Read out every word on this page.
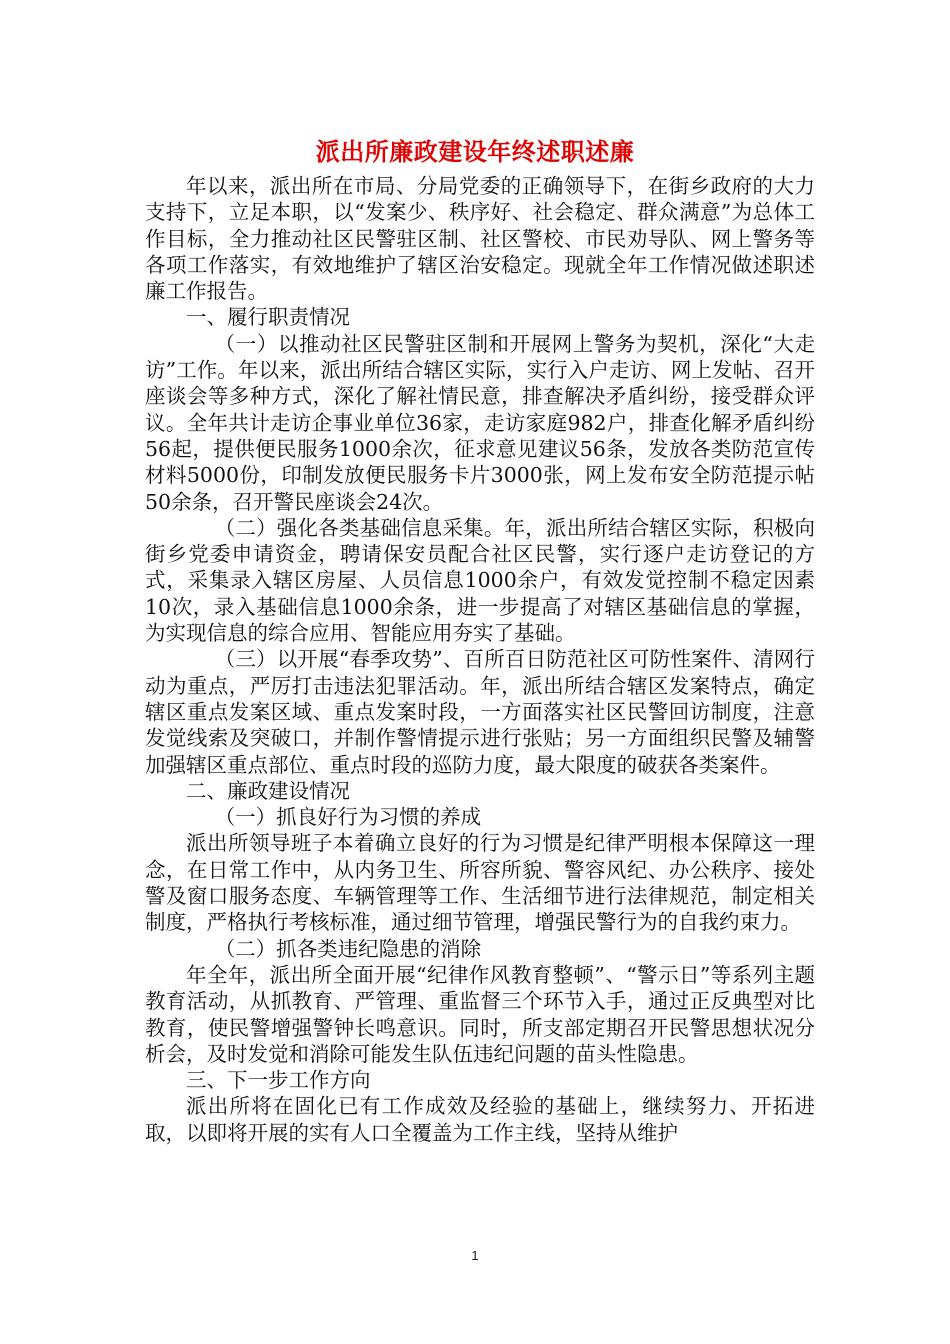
派出所廉政建设年终述职述廉

年以来，派出所在市局、分局党委的正确领导下，在街乡政府的大力支持下，立足本职，以“发案少、秩序好、社会稳定、群众满意”为总体工作目标，全力推动社区民警驻区制、社区警校、市民劝导队、网上警务等各项工作落实，有效地维护了辖区治安稳定。现就全年工作情况做述职述廉工作报告。

一、履行职责情况

（一）以推动社区民警驻区制和开展网上警务为契机，深化“大走访”工作。年以来，派出所结合辖区实际，实行入户走访、网上发帖、召开座谈会等多种方式，深化了解社情民意，排查解决矛盾纠纷，接受群众评议。全年共计走访企事业单位36家，走访家庭982户，排查化解矛盾纠纷56起，提供便民服务1000余次，征求意见建议56条，发放各类防范宣传材料5000份，印制发放便民服务卡片3000张，网上发布安全防范提示帖50余条，召开警民座谈会24次。

（二）强化各类基础信息采集。年，派出所结合辖区实际，积极向街乡党委申请资金，聘请保安员配合社区民警，实行逐户走访登记的方式，采集录入辖区房屋、人员信息1000余户，有效发觉控制不稳定因素10次，录入基础信息1000余条，进一步提高了对辖区基础信息的掌握，为实现信息的综合应用、智能应用夯实了基础。

（三）以开展“春季攻势”、百所百日防范社区可防性案件、清网行动为重点，严厉打击违法犯罪活动。年，派出所结合辖区发案特点，确定辖区重点发案区域、重点发案时段，一方面落实社区民警回访制度，注意发觉线索及突破口，并制作警情提示进行张贴；另一方面组织民警及辅警加强辖区重点部位、重点时段的巡防力度，最大限度的破获各类案件。

二、廉政建设情况

（一）抓良好行为习惯的养成

派出所领导班子本着确立良好的行为习惯是纪律严明根本保障这一理念，在日常工作中，从内务卫生、所容所貌、警容风纪、办公秩序、接处警及窗口服务态度、车辆管理等工作、生活细节进行法律规范，制定相关制度，严格执行考核标准，通过细节管理，增强民警行为的自我约束力。

（二）抓各类违纪隐患的消除

年全年，派出所全面开展“纪律作风教育整顿”、“警示日”等系列主题教育活动，从抓教育、严管理、重监督三个环节入手，通过正反典型对比教育，使民警增强警钟长鸣意识。同时，所支部定期召开民警思想状况分析会，及时发觉和消除可能发生队伍违纪问题的苗头性隐患。

三、下一步工作方向

派出所将在固化已有工作成效及经验的基础上，继续努力、开拓进取，以即将开展的实有人口全覆盖为工作主线，坚持从维护

1
